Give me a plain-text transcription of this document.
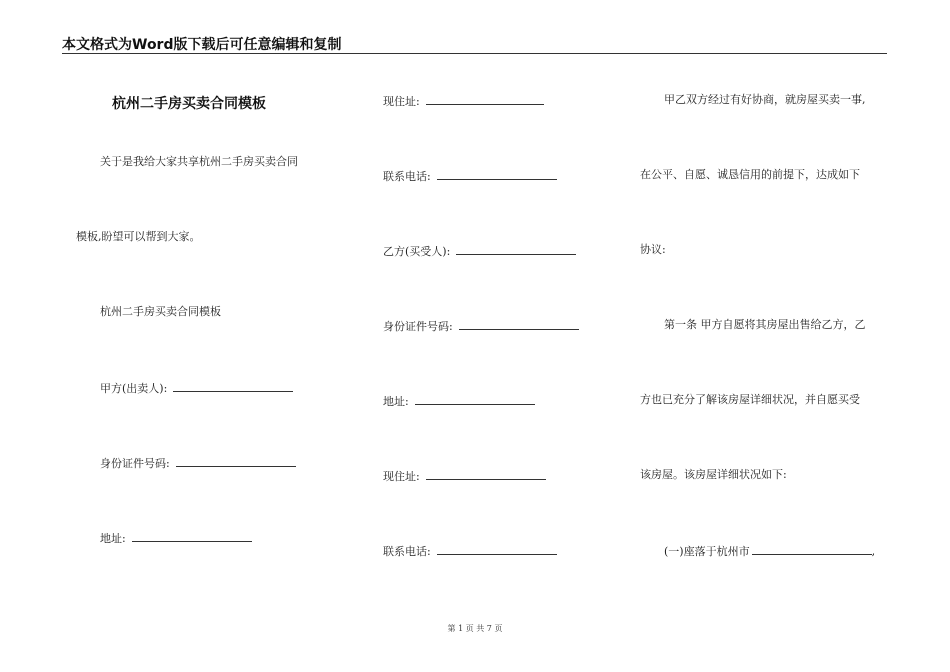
本文格式为Word版下载后可任意编辑和复制
杭州二手房买卖合同模板
关于是我给大家共享杭州二手房买卖合同
模板,盼望可以帮到大家。
杭州二手房买卖合同模板
甲方(出卖人):
身份证件号码:
地址:
现住址:
联系电话:
乙方(买受人):
身份证件号码:
地址:
现住址:
联系电话:
甲乙双方经过有好协商，就房屋买卖一事,
在公平、自愿、诚恳信用的前提下，达成如下
协议:
第一条 甲方自愿将其房屋出售给乙方，乙
方也已充分了解该房屋详细状况，并自愿买受
该房屋。该房屋详细状况如下:
(一)座落于杭州市	,
第 1 页 共 7 页
